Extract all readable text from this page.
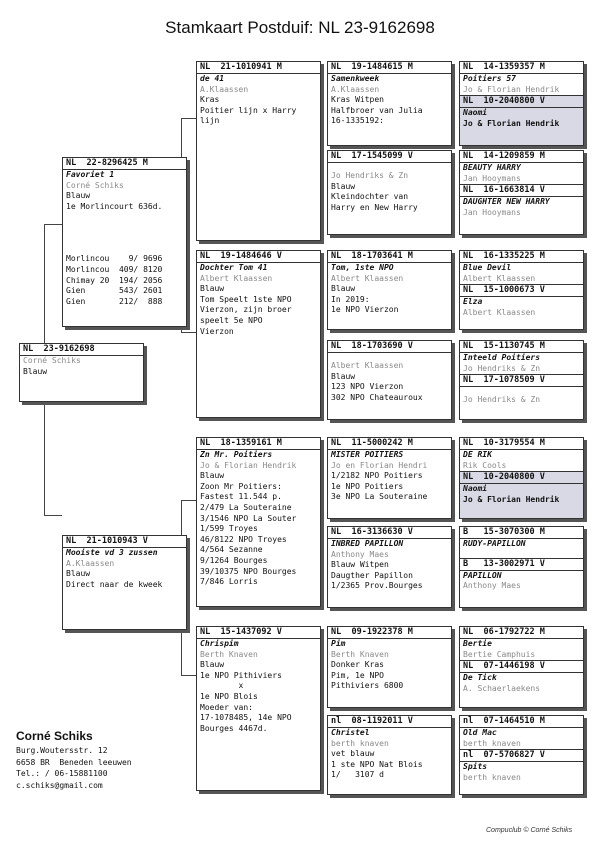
Stamkaart Postduif: NL 23-9162698
NL  23-9162698
Corné Schiks
Blauw
NL  22-8296425 M
Favoriet 1
Corné Schiks
Blauw
1e Morlincourt 636d.
Morlincou    9/ 9696
Morlincou  409/ 8120
Chimay 20  194/ 2056
Gien       543/ 2601
Gien       212/  888
NL  21-1010943 V
Mooiste vd 3 zussen
A.Klaassen
Blauw
Direct naar de kweek
NL  21-1010941 M
de 41
A.Klaassen
Kras
Poitier lijn x Harry
lijn
NL  19-1484646 V
Dochter Tom 41
Albert Klaassen
Blauw
Tom Speelt 1ste NPO
Vierzon, zijn broer
speelt 5e NPO
Vierzon
NL  18-1359161 M
Zn Mr. Poitiers
Jo & Florian Hendrik
Blauw
Zoon Mr Poitiers:
Fastest 11.544 p.
2/479 La Souteraine
3/1546 NPO La Souter
1/599 Troyes
46/8122 NPO Troyes
4/564 Sezanne
9/1264 Bourges
39/10375 NPO Bourges
7/846 Lorris
NL  15-1437092 V
Chrispim
Berth Knaven
Blauw
1e NPO Pithiviers
x
1e NPO Blois
Moeder van:
17-1078485, 14e NPO
Bourges 4467d.
NL  19-1484615 M
Samenkweek
A.Klaassen
Kras Witpen
Halfbroer van Julia
16-1335192:
NL  17-1545099 V
Jo Hendriks & Zn
Blauw
Kleindochter van
Harry en New Harry
NL  18-1703641 M
Tom, 1ste NPO
Albert Klaassen
Blauw
In 2019:
1e NPO Vierzon
NL  18-1703690 V
Albert Klaassen
Blauw
123 NPO Vierzon
302 NPO Chateauroux
NL  11-5000242 M
MISTER POITIERS
Jo en Florian Hendri
1/2182 NPO Poitiers
1e NPO Poitiers
3e NPO La Souteraine
NL  16-3136630 V
INBRED PAPILLON
Anthony Maes
Blauw Witpen
Daugther Papillon
1/2365 Prov.Bourges
NL  09-1922378 M
Pim
Berth Knaven
Donker Kras
Pim, 1e NPO
Pithiviers 6800
nl  08-1192011 V
Christel
berth knaven
vet blauw
1 ste NPO Nat Blois
1/   3107 d
NL  14-1359357 M
Poitiers 57
Jo & Florian Hendrik
NL  10-2040800 V
Naomi
Jo & Florian Hendrik
NL  14-1209859 M
BEAUTY HARRY
Jan Hooymans
NL  16-1663814 V
DAUGHTER NEW HARRY
Jan Hooymans
NL  16-1335225 M
Blue Devil
Albert Klaassen
NL  15-1000673 V
Elza
Albert Klaassen
NL  15-1130745 M
Inteeld Poitiers
Jo Hendriks & Zn
NL  17-1078509 V
Jo Hendriks & Zn
NL  10-3179554 M
DE RIK
Rik Cools
NL  10-2040800 V
Naomi
Jo & Florian Hendrik
B   15-3070300 M
RUDY-PAPILLON
B   13-3002971 V
PAPILLON
Anthony Maes
NL  06-1792722 M
Bertie
Bertie Camphuis
NL  07-1446198 V
De Tick
A. Schaerlaekens
nl  07-1464510 M
Old Mac
berth knaven
nl  07-5706827 V
Spits
berth knaven
Corné Schiks
Burg.Woutersstr. 12
6658 BR  Beneden leeuwen
Tel.: / 06-15881100
c.schiks@gmail.com
Compuclub © Corné Schiks
